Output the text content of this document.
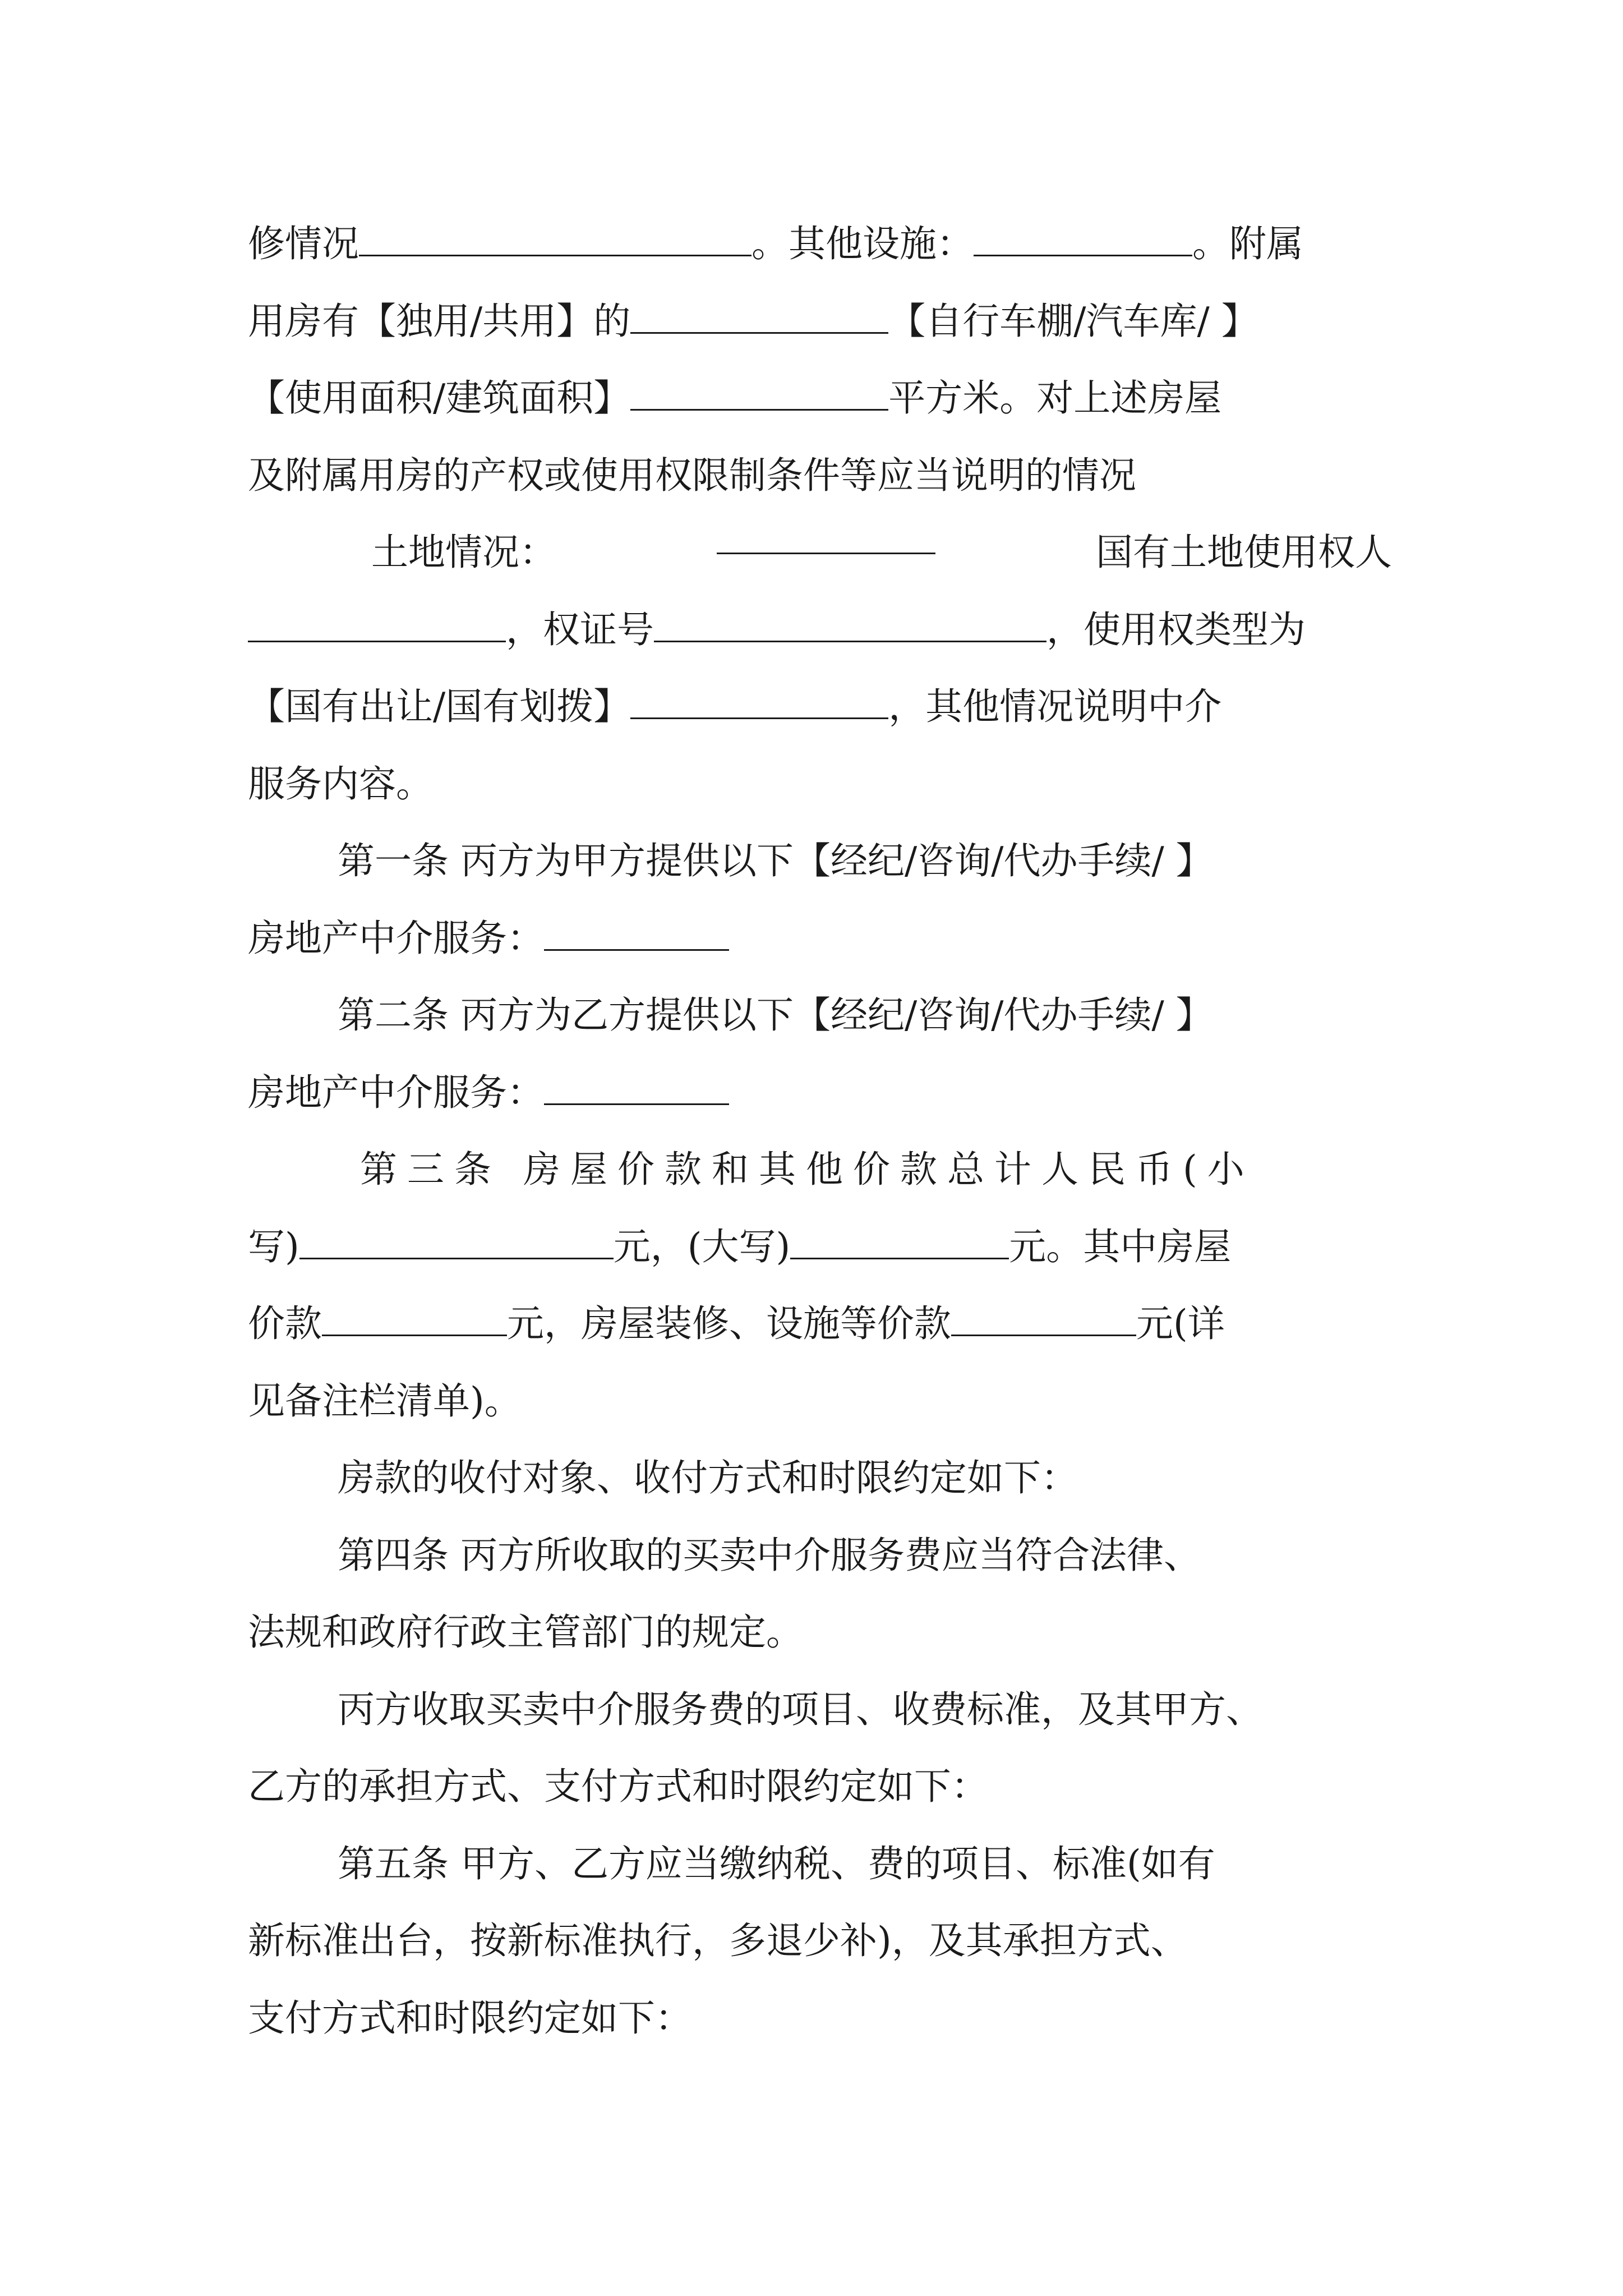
修情况	。其他设施：	。附属
用房有【独用/共用】的	【自行车棚/汽车库/ 】
【使用面积/建筑面积】	平方米。对上述房屋
及附属用房的产权或使用权限制条件等应当说明的情况
土地情况：	国有土地使用权人
，权证号	，使用权类型为
【国有出让/国有划拨】	，其他情况说明中介
服务内容。
第一条 丙方为甲方提供以下【经纪/咨询/代办手续/ 】
房地产中介服务：
第二条 丙方为乙方提供以下【经纪/咨询/代办手续/ 】
房地产中介服务：
第三条 房屋价款和其他价款总计人民币(小
写)	元，(大写)	元。其中房屋
价款	元，房屋装修、设施等价款	元(详
见备注栏清单)。
房款的收付对象、收付方式和时限约定如下：
第四条 丙方所收取的买卖中介服务费应当符合法律、
法规和政府行政主管部门的规定。
丙方收取买卖中介服务费的项目、收费标准，及其甲方、
乙方的承担方式、支付方式和时限约定如下：
第五条 甲方、乙方应当缴纳税、费的项目、标准(如有
新标准出台，按新标准执行，多退少补)，及其承担方式、
支付方式和时限约定如下：
